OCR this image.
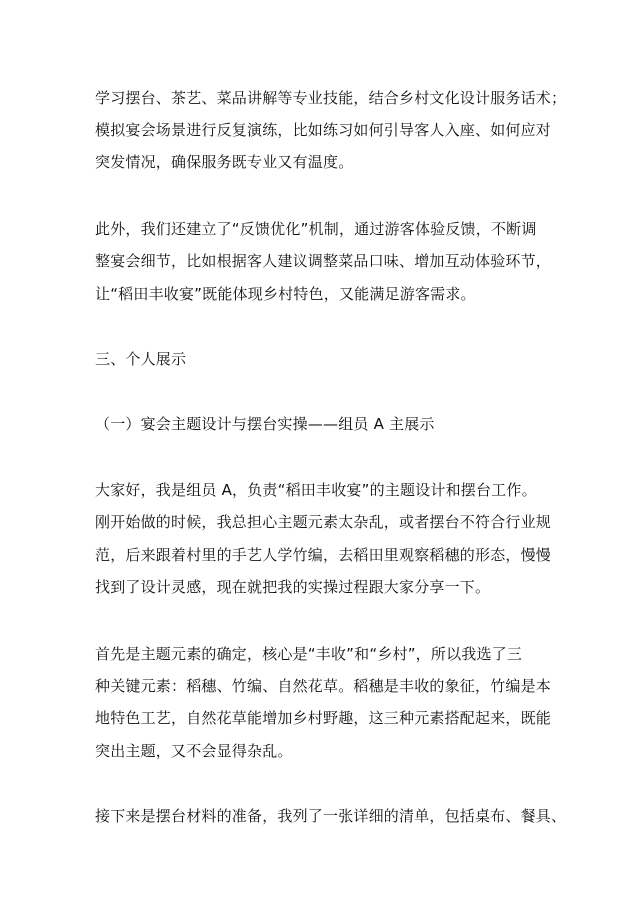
学习摆台、茶艺、菜品讲解等专业技能，结合乡村文化设计服务话术；
模拟宴会场景进行反复演练，比如练习如何引导客人入座、如何应对
突发情况，确保服务既专业又有温度。
此外，我们还建立了“反馈优化”机制，通过游客体验反馈，不断调
整宴会细节，比如根据客人建议调整菜品口味、增加互动体验环节，
让“稻田丰收宴”既能体现乡村特色，又能满足游客需求。
三、个人展示
（一）宴会主题设计与摆台实操——组员 A 主展示
大家好，我是组员 A，负责“稻田丰收宴”的主题设计和摆台工作。
刚开始做的时候，我总担心主题元素太杂乱，或者摆台不符合行业规
范，后来跟着村里的手艺人学竹编，去稻田里观察稻穗的形态，慢慢
找到了设计灵感，现在就把我的实操过程跟大家分享一下。
首先是主题元素的确定，核心是“丰收”和“乡村”，所以我选了三
种关键元素：稻穗、竹编、自然花草。稻穗是丰收的象征，竹编是本
地特色工艺，自然花草能增加乡村野趣，这三种元素搭配起来，既能
突出主题，又不会显得杂乱。
接下来是摆台材料的准备，我列了一张详细的清单，包括桌布、餐具、
